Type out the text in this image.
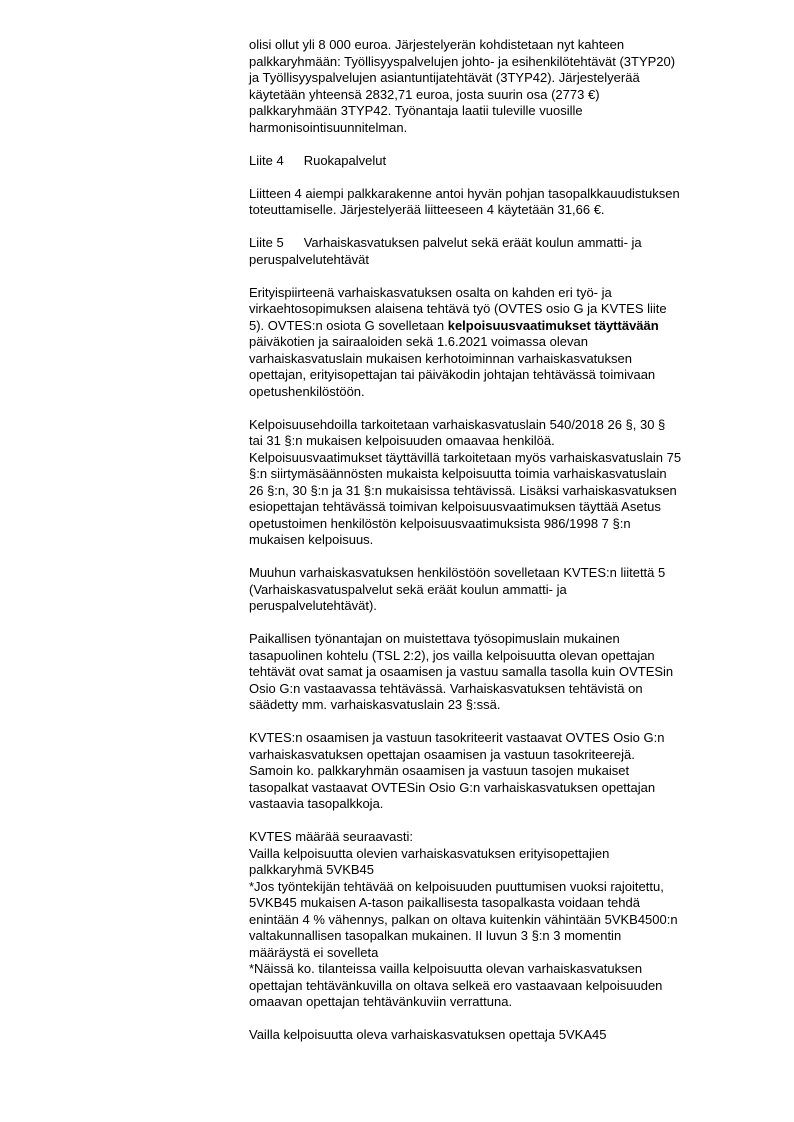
olisi ollut yli 8 000 euroa. Järjestelyerän kohdistetaan nyt kahteen
palkkaryhmään: Työllisyyspalvelujen johto- ja esihenkilötehtävät (3TYP20)
ja Työllisyyspalvelujen asiantuntijatehtävät (3TYP42). Järjestelyerää
käytetään yhteensä 2832,71 euroa, josta suurin osa (2773 €)
palkkaryhmään 3TYP42. Työnantaja laatii tuleville vuosille
harmonisointisuunnitelman.

Liite 4 Ruokapalvelut

Liitteen 4 aiempi palkkarakenne antoi hyvän pohjan tasopalkkauudistuksen
toteuttamiselle. Järjestelyerää liitteeseen 4 käytetään 31,66 €.

Liite 5 Varhaiskasvatuksen palvelut sekä eräät koulun ammatti- ja
peruspalvelutehtävät

Erityispiirteenä varhaiskasvatuksen osalta on kahden eri työ- ja
virkaehtosopimuksen alaisena tehtävä työ (OVTES osio G ja KVTES liite
5). OVTES:n osiota G sovelletaan kelpoisuusvaatimukset täyttävään
päiväkotien ja sairaaloiden sekä 1.6.2021 voimassa olevan
varhaiskasvatuslain mukaisen kerhotoiminnan varhaiskasvatuksen
opettajan, erityisopettajan tai päiväkodin johtajan tehtävässä toimivaan
opetushenkilöstöön.

Kelpoisuusehdoilla tarkoitetaan varhaiskasvatuslain 540/2018 26 §, 30 §
tai 31 §:n mukaisen kelpoisuuden omaavaa henkilöä.
Kelpoisuusvaatimukset täyttävillä tarkoitetaan myös varhaiskasvatuslain 75
§:n siirtymäsäännösten mukaista kelpoisuutta toimia varhaiskasvatuslain
26 §:n, 30 §:n ja 31 §:n mukaisissa tehtävissä. Lisäksi varhaiskasvatuksen
esiopettajan tehtävässä toimivan kelpoisuusvaatimuksen täyttää Asetus
opetustoimen henkilöstön kelpoisuusvaatimuksista 986/1998 7 §:n
mukaisen kelpoisuus.

Muuhun varhaiskasvatuksen henkilöstöön sovelletaan KVTES:n liitettä 5
(Varhaiskasvatuspalvelut sekä eräät koulun ammatti- ja
peruspalvelutehtävät).

Paikallisen työnantajan on muistettava työsopimuslain mukainen
tasapuolinen kohtelu (TSL 2:2), jos vailla kelpoisuutta olevan opettajan
tehtävät ovat samat ja osaamisen ja vastuu samalla tasolla kuin OVTESin
Osio G:n vastaavassa tehtävässä. Varhaiskasvatuksen tehtävistä on
säädetty mm. varhaiskasvatuslain 23 §:ssä.

KVTES:n osaamisen ja vastuun tasokriteerit vastaavat OVTES Osio G:n
varhaiskasvatuksen opettajan osaamisen ja vastuun tasokriteerejä.
Samoin ko. palkkaryhmän osaamisen ja vastuun tasojen mukaiset
tasopalkat vastaavat OVTESin Osio G:n varhaiskasvatuksen opettajan
vastaavia tasopalkkoja.

KVTES määrää seuraavasti:
Vailla kelpoisuutta olevien varhaiskasvatuksen erityisopettajien
palkkaryhmä 5VKB45
*Jos työntekijän tehtävää on kelpoisuuden puuttumisen vuoksi rajoitettu,
5VKB45 mukaisen A-tason paikallisesta tasopalkasta voidaan tehdä
enintään 4 % vähennys, palkan on oltava kuitenkin vähintään 5VKB4500:n
valtakunnallisen tasopalkan mukainen. II luvun 3 §:n 3 momentin
määräystä ei sovelleta
*Näissä ko. tilanteissa vailla kelpoisuutta olevan varhaiskasvatuksen
opettajan tehtävänkuvilla on oltava selkeä ero vastaavaan kelpoisuuden
omaavan opettajan tehtävänkuviin verrattuna.

Vailla kelpoisuutta oleva varhaiskasvatuksen opettaja 5VKA45
